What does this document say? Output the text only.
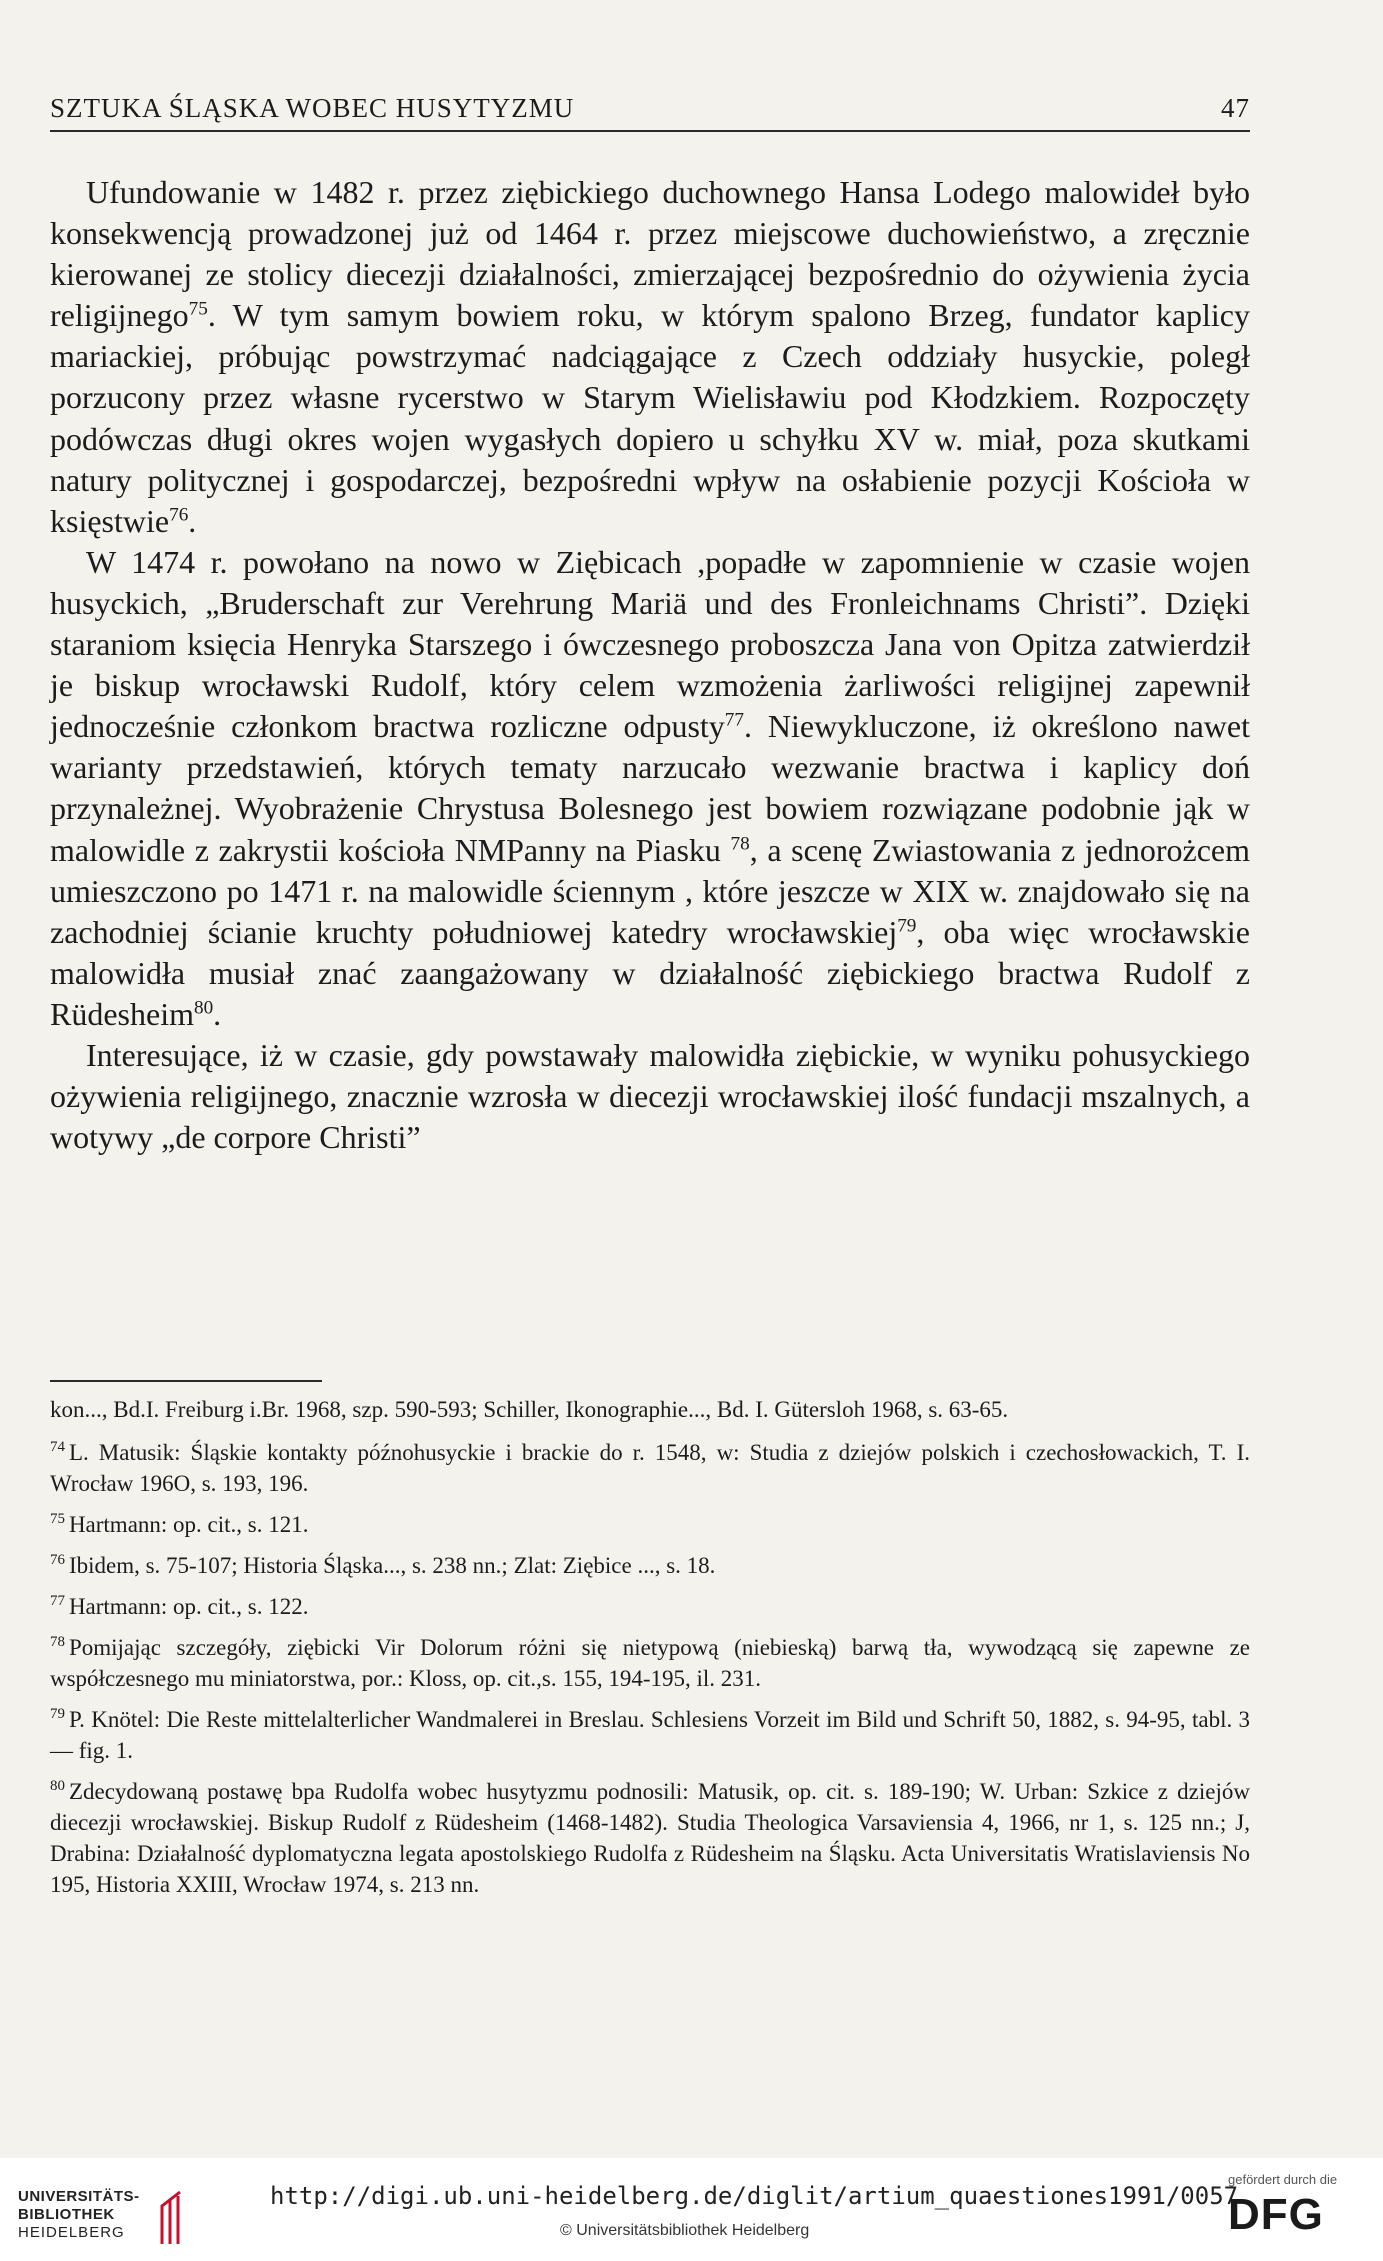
SZTUKA ŚLĄSKA WOBEC HUSYTYZMU	47

Ufundowanie w 1482 r. przez ziębickiego duchownego Hansa Lodego malowideł było konsekwencją prowadzonej już od 1464 r. przez miejscowe duchowieństwo, a zręcznie kierowanej ze stolicy diecezji działalności, zmierzającej bezpośrednio do ożywienia życia religijnego$^{75}$. W tym samym bowiem roku, w którym spalono Brzeg, fundator kaplicy mariackiej, próbując powstrzymać nadciągające z Czech oddziały husyckie, poległ porzucony przez własne rycerstwo w Starym Wielisławiu pod Kłodzkiem. Rozpoczęty podówczas długi okres wojen wygasłych dopiero u schyłku XV w. miał, poza skutkami natury politycznej i gospodarczej, bezpośredni wpływ na osłabienie pozycji Kościoła w księstwie$^{76}$.

W 1474 r. powołano na nowo w Ziębicach ,popadłe w zapomnienie w czasie wojen husyckich, „Bruderschaft zur Verehrung Mariä und des Fronleichnams Christi”. Dzięki staraniom księcia Henryka Starszego i ówczesnego proboszcza Jana von Opitza zatwierdził je biskup wrocławski Rudolf, który celem wzmożenia żarliwości religijnej zapewnił jednocześnie członkom bractwa rozliczne odpusty$^{77}$. Niewykluczone, iż określono nawet warianty przedstawień, których tematy narzucało wezwanie bractwa i kaplicy doń przynależnej. Wyobrażenie Chrystusa Bolesnego jest bowiem rozwiązane podobnie jąk w malowidle z zakrystii kościoła NMPanny na Piasku $^{78}$, a scenę Zwiastowania z jednorożcem umieszczono po 1471 r. na malowidle ściennym , które jeszcze w XIX w. znajdowało się na zachodniej ścianie kruchty południowej katedry wrocławskiej$^{79}$, oba więc wrocławskie malowidła musiał znać zaangażowany w działalność ziębickiego bractwa Rudolf z Rüdesheim$^{80}$.

Interesujące, iż w czasie, gdy powstawały malowidła ziębickie, w wyniku pohusyckiego ożywienia religijnego, znacznie wzrosła w diecezji wrocławskiej ilość fundacji mszalnych, a wotywy „de corpore Christi”

kon..., Bd.I. Freiburg i.Br. 1968, szp. 590-593; Schiller, Ikonographie..., Bd. I. Gütersloh 1968, s. 63-65.

$^{74}$ L. Matusik: Śląskie kontakty późnohusyckie i brackie do r. 1548, w: Studia z dziejów polskich i czechosłowackich, T. I. Wrocław 196O, s. 193, 196.

$^{75}$ Hartmann: op. cit., s. 121.

$^{76}$ Ibidem, s. 75-107; Historia Śląska..., s. 238 nn.; Zlat: Ziębice ..., s. 18.

$^{77}$ Hartmann: op. cit., s. 122.

$^{78}$ Pomijając szczegóły, ziębicki Vir Dolorum różni się nietypową (niebieską) barwą tła, wywodzącą się zapewne ze współczesnego mu miniatorstwa, por.: Kloss, op. cit.,s. 155, 194-195, il. 231.

$^{79}$ P. Knötel: Die Reste mittelalterlicher Wandmalerei in Breslau. Schlesiens Vorzeit im Bild und Schrift 50, 1882, s. 94-95, tabl. 3 — fig. 1.

$^{80}$ Zdecydowaną postawę bpa Rudolfa wobec husytyzmu podnosili: Matusik, op. cit. s. 189-190; W. Urban: Szkice z dziejów diecezji wrocławskiej. Biskup Rudolf z Rüdesheim (1468-1482). Studia Theologica Varsaviensia 4, 1966, nr 1, s. 125 nn.; J, Drabina: Działalność dyplomatyczna legata apostolskiego Rudolfa z Rüdesheim na Śląsku. Acta Universitatis Wratislaviensis No 195, Historia XXIII, Wrocław 1974, s. 213 nn.

UNIVERSITÄTS-
BIBLIOTHEK
HEIDELBERG
http://digi.ub.uni-heidelberg.de/diglit/artium_quaestiones1991/0057
© Universitätsbibliothek Heidelberg
gefördert durch die
DFG
